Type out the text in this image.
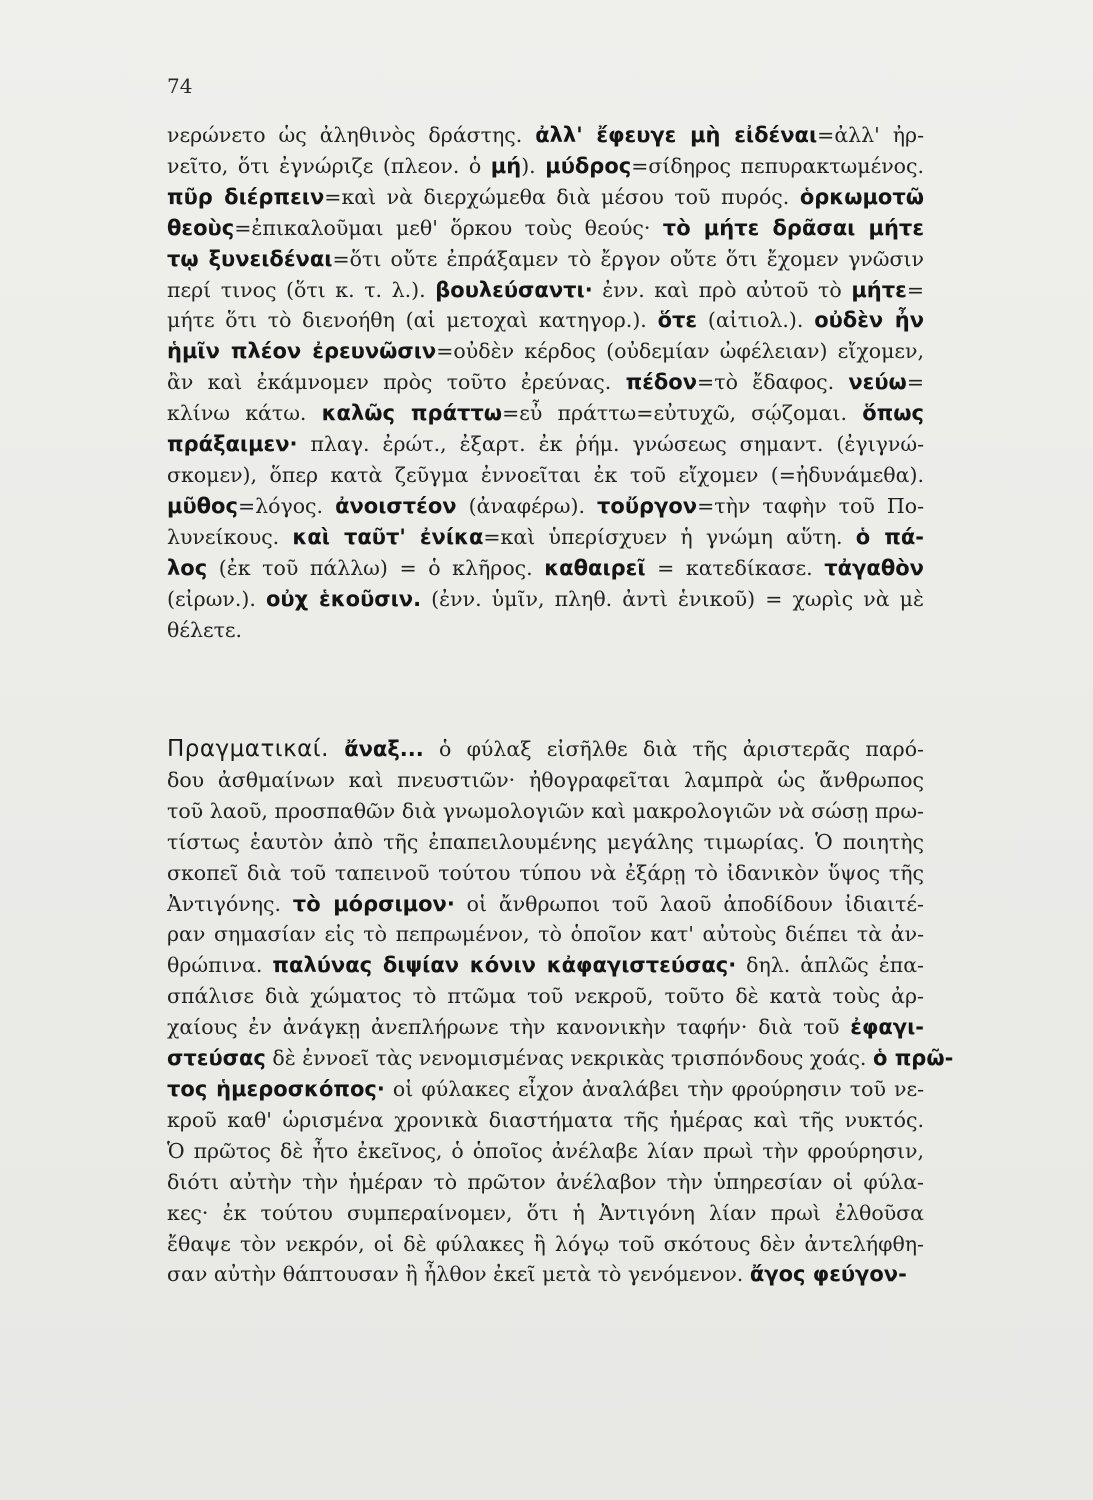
74
νερώνετο ὡς ἀληθινὸς δράστης. ἀλλ' ἔφευγε μὴ εἰδέναι=ἀλλ' ἠρ-
νεῖτο, ὅτι ἐγνώριζε (πλεον. ὁ μή). μύδρος=σίδηρος πεπυρακτωμένος.
πῦρ διέρπειν=καὶ νὰ διερχώμεθα διὰ μέσου τοῦ πυρός. ὁρκωμοτῶ
θεοὺς=ἐπικαλοῦμαι μεθ' ὅρκου τοὺς θεούς· τὸ μήτε δρᾶσαι μήτε
τῳ ξυνειδέναι=ὅτι οὔτε ἐπράξαμεν τὸ ἔργον οὔτε ὅτι ἔχομεν γνῶσιν
περί τινος (ὅτι κ. τ. λ.). βουλεύσαντι· ἐνν. καὶ πρὸ αὐτοῦ τὸ μήτε=
μήτε ὅτι τὸ διενοήθη (αἱ μετοχαὶ κατηγορ.). ὅτε (αἰτιολ.). οὐδὲν ἦν
ἡμῖν πλέον ἐρευνῶσιν=οὐδὲν κέρδος (οὐδεμίαν ὠφέλειαν) εἴχομεν,
ἂν καὶ ἐκάμνομεν πρὸς τοῦτο ἐρεύνας. πέδον=τὸ ἔδαφος. νεύω=
κλίνω κάτω. καλῶς πράττω=εὖ πράττω=εὐτυχῶ, σῴζομαι. ὅπως
πράξαιμεν· πλαγ. ἐρώτ., ἐξαρτ. ἐκ ῥήμ. γνώσεως σημαντ. (ἐγιγνώ-
σκομεν), ὅπερ κατὰ ζεῦγμα ἐννοεῖται ἐκ τοῦ εἴχομεν (=ἠδυνάμεθα).
μῦθος=λόγος. ἀνοιστέον (ἀναφέρω). τοὔργον=τὴν ταφὴν τοῦ Πο-
λυνείκους. καὶ ταῦτ' ἐνίκα=καὶ ὑπερίσχυεν ἡ γνώμη αὕτη. ὁ πά-
λος (ἐκ τοῦ πάλλω) = ὁ κλῆρος. καθαιρεῖ = κατεδίκασε. τἀγαθὸν
(εἰρων.). οὐχ ἑκοῦσιν. (ἐνν. ὑμῖν, πληθ. ἀντὶ ἑνικοῦ) = χωρὶς νὰ μὲ
θέλετε.
Πραγματικαί. ἄναξ... ὁ φύλαξ εἰσῆλθε διὰ τῆς ἀριστερᾶς παρό-
δου ἀσθμαίνων καὶ πνευστιῶν· ἠθογραφεῖται λαμπρὰ ὡς ἄνθρωπος
τοῦ λαοῦ, προσπαθῶν διὰ γνωμολογιῶν καὶ μακρολογιῶν νὰ σώσῃ πρω-
τίστως ἑαυτὸν ἀπὸ τῆς ἐπαπειλουμένης μεγάλης τιμωρίας. Ὁ ποιητὴς
σκοπεῖ διὰ τοῦ ταπεινοῦ τούτου τύπου νὰ ἐξάρῃ τὸ ἰδανικὸν ὕψος τῆς
Ἀντιγόνης. τὸ μόρσιμον· οἱ ἄνθρωποι τοῦ λαοῦ ἀποδίδουν ἰδιαιτέ-
ραν σημασίαν εἰς τὸ πεπρωμένον, τὸ ὁποῖον κατ' αὐτοὺς διέπει τὰ ἀν-
θρώπινα. παλύνας διψίαν κόνιν κἀφαγιστεύσας· δηλ. ἁπλῶς ἐπα-
σπάλισε διὰ χώματος τὸ πτῶμα τοῦ νεκροῦ, τοῦτο δὲ κατὰ τοὺς ἀρ-
χαίους ἐν ἀνάγκῃ ἀνεπλήρωνε τὴν κανονικὴν ταφήν· διὰ τοῦ ἐφαγι-
στεύσας δὲ ἐννοεῖ τὰς νενομισμένας νεκρικὰς τρισπόνδους χοάς. ὁ πρῶ-
τος ἡμεροσκόπος· οἱ φύλακες εἶχον ἀναλάβει τὴν φρούρησιν τοῦ νε-
κροῦ καθ' ὡρισμένα χρονικὰ διαστήματα τῆς ἡμέρας καὶ τῆς νυκτός.
Ὁ πρῶτος δὲ ἦτο ἐκεῖνος, ὁ ὁποῖος ἀνέλαβε λίαν πρωὶ τὴν φρούρησιν,
διότι αὐτὴν τὴν ἡμέραν τὸ πρῶτον ἀνέλαβον τὴν ὑπηρεσίαν οἱ φύλα-
κες· ἐκ τούτου συμπεραίνομεν, ὅτι ἡ Ἀντιγόνη λίαν πρωὶ ἐλθοῦσα
ἔθαψε τὸν νεκρόν, οἱ δὲ φύλακες ἢ λόγῳ τοῦ σκότους δὲν ἀντελήφθη-
σαν αὐτὴν θάπτουσαν ἢ ἦλθον ἐκεῖ μετὰ τὸ γενόμενον. ἄγος φεύγον-
